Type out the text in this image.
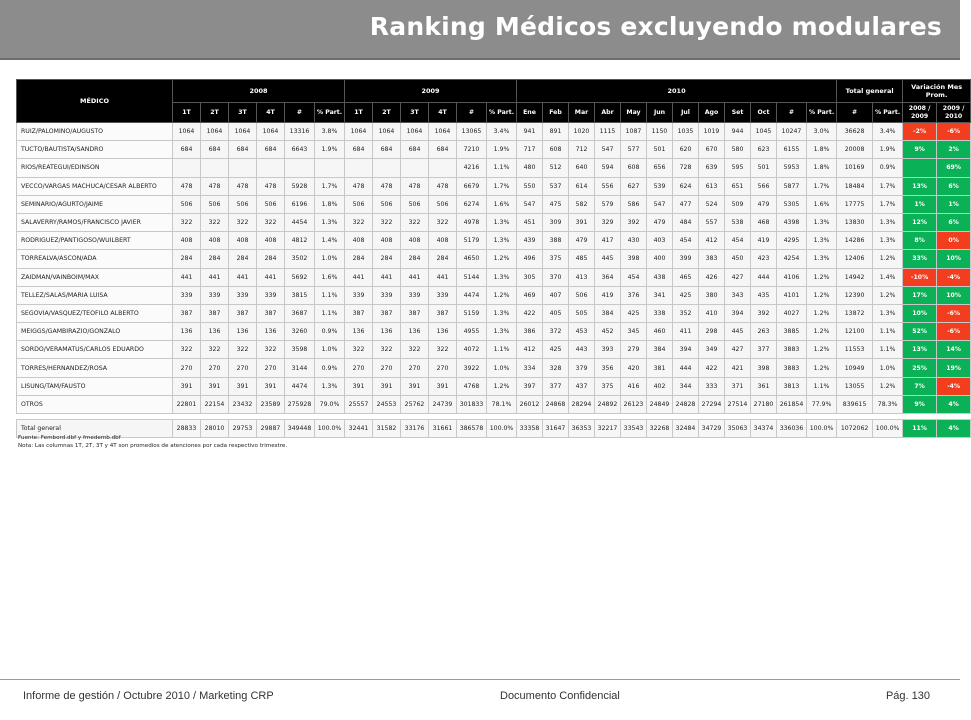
Ranking Médicos excluyendo modulares
MÉDICO	2008						2009						2010												Total general		Variación Mes Prom.	
	1T	2T	3T	4T	#	% Part.	1T	2T	3T	4T	#	% Part.	Ene	Feb	Mar	Abr	May	Jun	Jul	Ago	Set	Oct	#	% Part.	#	% Part.	2008 / 2009	2009 / 2010
RUIZ/PALOMINO/AUGUSTO	1064	1064	1064	1064	13316	3.8%	1064	1064	1064	1064	13065	3.4%	941	891	1020	1115	1087	1150	1035	1019	944	1045	10247	3.0%	36628	3.4%	-2%	-6%
TUCTO/BAUTISTA/SANDRO	684	684	684	684	6643	1.9%	684	684	684	684	7210	1.9%	717	608	712	547	577	501	620	670	580	623	6155	1.8%	20008	1.9%	9%	2%
RIOS/REATEGUI/EDINSON											4216	1.1%	480	512	640	594	608	656	728	639	595	501	5953	1.8%	10169	0.9%		69%
VECCO/VARGAS MACHUCA/CESAR ALBERTO	478	478	478	478	5928	1.7%	478	478	478	478	6679	1.7%	550	537	614	556	627	539	624	613	651	566	5877	1.7%	18484	1.7%	13%	6%
SEMINARIO/AGURTO/JAIME	506	506	506	506	6196	1.8%	506	506	506	506	6274	1.6%	547	475	582	579	586	547	477	524	509	479	5305	1.6%	17775	1.7%	1%	1%
SALAVERRY/RAMOS/FRANCISCO JAVIER	322	322	322	322	4454	1.3%	322	322	322	322	4978	1.3%	451	309	391	329	392	479	484	557	538	468	4398	1.3%	13830	1.3%	12%	6%
RODRIGUEZ/PANTIGOSO/WUILBERT	408	408	408	408	4812	1.4%	408	408	408	408	5179	1.3%	439	388	479	417	430	403	454	412	454	419	4295	1.3%	14286	1.3%	8%	0%
TORREALVA/ASCON/ADA	284	284	284	284	3502	1.0%	284	284	284	284	4650	1.2%	496	375	485	445	398	400	399	383	450	423	4254	1.3%	12406	1.2%	33%	10%
ZAIDMAN/VAINBOIM/MAX	441	441	441	441	5692	1.6%	441	441	441	441	5144	1.3%	305	370	413	364	454	438	465	426	427	444	4106	1.2%	14942	1.4%	-10%	-4%
TELLEZ/SALAS/MARIA LUISA	339	339	339	339	3815	1.1%	339	339	339	339	4474	1.2%	469	407	506	419	376	341	425	380	343	435	4101	1.2%	12390	1.2%	17%	10%
SEGOVIA/VASQUEZ/TEOFILO ALBERTO	387	387	387	387	3687	1.1%	387	387	387	387	5159	1.3%	422	405	505	384	425	338	352	410	394	392	4027	1.2%	13872	1.3%	10%	-6%
MEIGGS/GAMBIRAZIO/GONZALO	136	136	136	136	3260	0.9%	136	136	136	136	4955	1.3%	386	372	453	452	345	460	411	298	445	263	3885	1.2%	12100	1.1%	52%	-6%
SORDO/VERAMATUS/CARLOS EDUARDO	322	322	322	322	3598	1.0%	322	322	322	322	4072	1.1%	412	425	443	393	279	384	394	349	427	377	3883	1.2%	11553	1.1%	13%	14%
TORRES/HERNANDEZ/ROSA	270	270	270	270	3144	0.9%	270	270	270	270	3922	1.0%	334	328	379	356	420	381	444	422	421	398	3883	1.2%	10949	1.0%	25%	19%
LISUNG/TAM/FAUSTO	391	391	391	391	4474	1.3%	391	391	391	391	4768	1.2%	397	377	437	375	416	402	344	333	371	361	3813	1.1%	13055	1.2%	7%	-4%
OTROS	22801	22154	23432	23589	275928	79.0%	25557	24553	25762	24739	301833	78.1%	26012	24868	28294	24892	26123	24849	24828	27294	27514	27180	261854	77.9%	839615	78.3%	9%	4%

Total general	28833	28010	29753	29887	349448	100.0%	32441	31582	33176	31661	386578	100.0%	33358	31647	36353	32217	33543	32268	32484	34729	35063	34374	336036	100.0%	1072062	100.0%	11%	4%
Fuente: Fembord.dbf y fmedemb.dbf
Nota: Las columnas 1T, 2T, 3T y 4T son promedios de atenciones por cada respectivo trimestre.
Informe de gestión / Octubre 2010 / Marketing CRP	Documento Confidencial	Pág. 130
